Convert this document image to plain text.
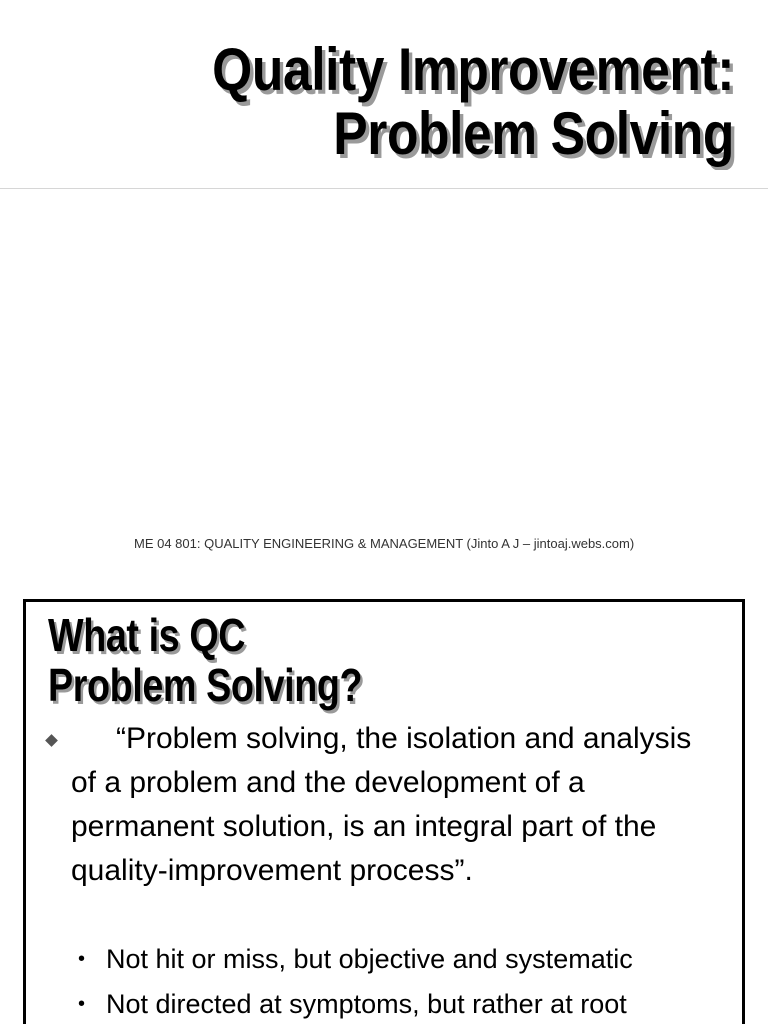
Quality Improvement:
Problem Solving
ME 04 801: QUALITY ENGINEERING & MANAGEMENT (Jinto A J – jintoaj.webs.com)
What is QC
Problem Solving?
“Problem solving, the isolation and analysis of a problem and the development of a permanent solution, is an integral part of the quality-improvement process”.
• Not hit or miss, but objective and systematic
• Not directed at symptoms, but rather at root
